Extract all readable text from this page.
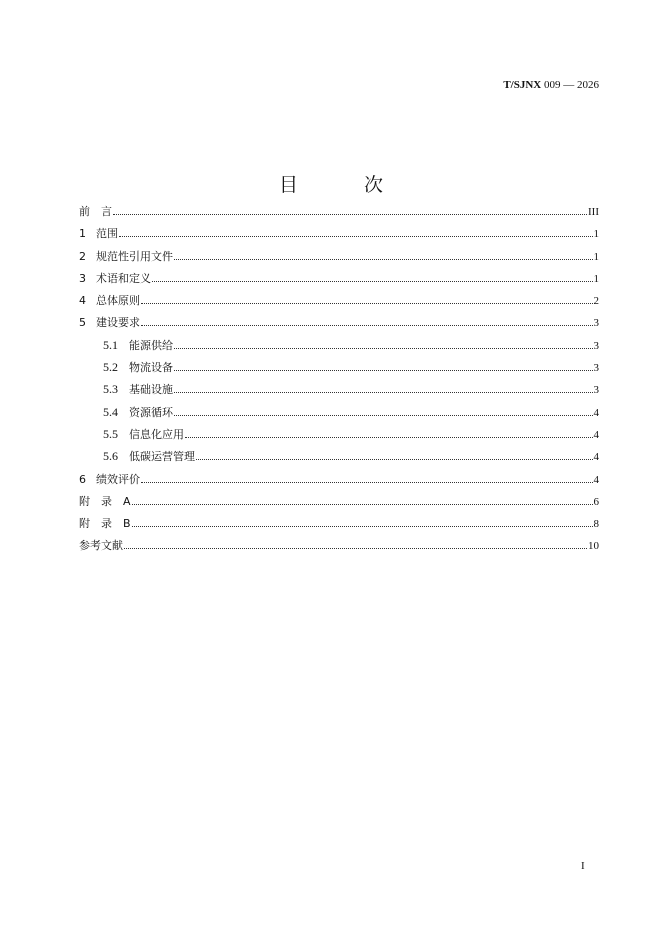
T/SJNX 009 — 2026
目 次
前　言	III
1 范围	1
2 规范性引用文件	1
3 术语和定义	1
4 总体原则	2
5 建设要求	3
5.1	能源供给	3
5.2	物流设备	3
5.3	基础设施	3
5.4	资源循环	4
5.5	信息化应用	4
5.6	低碳运营管理	4
6 绩效评价	4
附　录　A	6
附　录　B	8
参考文献	10
I
